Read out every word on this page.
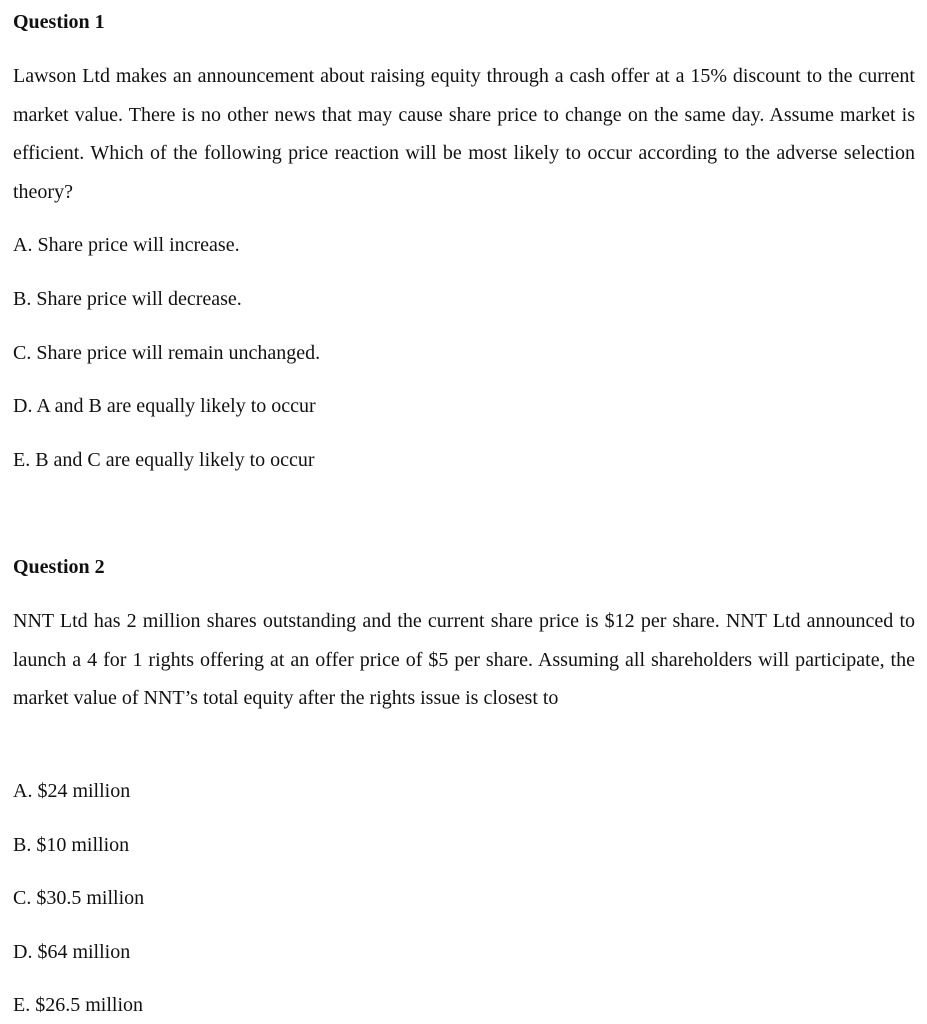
Question 1
Lawson Ltd makes an announcement about raising equity through a cash offer at a 15% discount to the current market value. There is no other news that may cause share price to change on the same day. Assume market is efficient. Which of the following price reaction will be most likely to occur according to the adverse selection theory?
A. Share price will increase.
B. Share price will decrease.
C. Share price will remain unchanged.
D. A and B are equally likely to occur
E. B and C are equally likely to occur
Question 2
NNT Ltd has 2 million shares outstanding and the current share price is $12 per share. NNT Ltd announced to launch a 4 for 1 rights offering at an offer price of $5 per share. Assuming all shareholders will participate, the market value of NNT’s total equity after the rights issue is closest to
A. $24 million
B. $10 million
C. $30.5 million
D. $64 million
E. $26.5 million
